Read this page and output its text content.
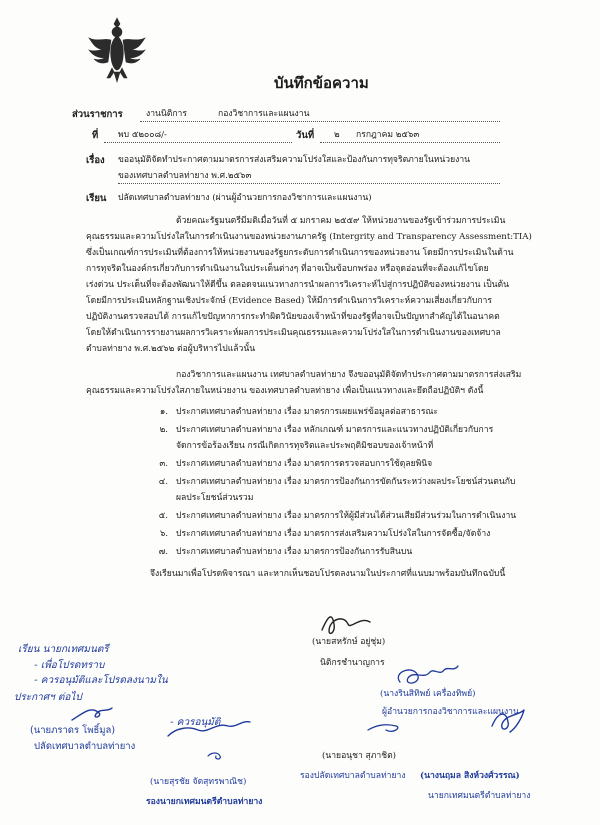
บันทึกข้อความ
ส่วนราชการ	งานนิติการ	กองวิชาการและแผนงาน
ที่ พบ ๕๒๐๐๘/-	วันที่ ๒ กรกฎาคม ๒๕๖๓
เรื่อง ขออนุมัติจัดทำประกาศตามมาตรการส่งเสริมความโปร่งใสและป้องกันการทุจริตภายในหน่วยงาน
ของเทศบาลตำบลท่ายาง พ.ศ.๒๕๖๓
เรียน ปลัดเทศบาลตำบลท่ายาง (ผ่านผู้อำนวยการกองวิชาการและแผนงาน)
ด้วยคณะรัฐมนตรีมีมติเมื่อวันที่ ๕ มกราคม ๒๕๕๙ ให้หน่วยงานของรัฐเข้าร่วมการประเมิน
คุณธรรมและความโปร่งใสในการดำเนินงานของหน่วยงานภาครัฐ (Intergrity and Transparency Assessment:TIA)
ซึ่งเป็นเกณฑ์การประเมินที่ต้องการให้หน่วยงานของรัฐยกระดับการดำเนินการของหน่วยงาน โดยมีการประเมินในด้าน
การทุจริตในองค์กรเกี่ยวกับการดำเนินงานในประเด็นต่างๆ ที่อาจเป็นข้อบกพร่อง หรือจุดอ่อนที่จะต้องแก้ไขโดย
เร่งด่วน ประเด็นที่จะต้องพัฒนาให้ดีขึ้น ตลอดจนแนวทางการนำผลการวิเคราะห์ไปสู่การปฏิบัติของหน่วยงาน เป็นต้น
โดยมีการประเมินหลักฐานเชิงประจักษ์ (Evidence Based) ให้มีการดำเนินการวิเคราะห์ความเสี่ยงเกี่ยวกับการ
ปฏิบัติงานตรวจสอบได้ การแก้ไขปัญหาการกระทำผิดวินัยของเจ้าหน้าที่ของรัฐที่อาจเป็นปัญหาสำคัญได้ในอนาคต
โดยให้ดำเนินการรายงานผลการวิเคราะห์ผลการประเมินคุณธรรมและความโปร่งใสในการดำเนินงานของเทศบาล
ตำบลท่ายาง พ.ศ.๒๕๖๒ ต่อผู้บริหารไปแล้วนั้น
กองวิชาการและแผนงาน เทศบาลตำบลท่ายาง จึงขออนุมัติจัดทำประกาศตามมาตรการส่งเสริม
คุณธรรมและความโปร่งใสภายในหน่วยงาน ของเทศบาลตำบลท่ายาง เพื่อเป็นแนวทางและยึดถือปฏิบัติฯ ดังนี้
๑. ประกาศเทศบาลตำบลท่ายาง เรื่อง มาตรการเผยแพร่ข้อมูลต่อสาธารณะ
๒. ประกาศเทศบาลตำบลท่ายาง เรื่อง หลักเกณฑ์ มาตรการและแนวทางปฏิบัติเกี่ยวกับการ
จัดการข้อร้องเรียน กรณีเกิดการทุจริตและประพฤติมิชอบของเจ้าหน้าที่
๓. ประกาศเทศบาลตำบลท่ายาง เรื่อง มาตรการตรวจสอบการใช้ดุลยพินิจ
๔. ประกาศเทศบาลตำบลท่ายาง เรื่อง มาตรการป้องกันการขัดกันระหว่างผลประโยชน์ส่วนตนกับ
ผลประโยชน์ส่วนรวม
๕. ประกาศเทศบาลตำบลท่ายาง เรื่อง มาตรการให้ผู้มีส่วนได้ส่วนเสียมีส่วนร่วมในการดำเนินงาน
๖. ประกาศเทศบาลตำบลท่ายาง เรื่อง มาตรการส่งเสริมความโปร่งใสในการจัดซื้อ/จัดจ้าง
๗. ประกาศเทศบาลตำบลท่ายาง เรื่อง มาตรการป้องกันการรับสินบน
จึงเรียนมาเพื่อโปรดพิจารณา และหากเห็นชอบโปรดลงนามในประกาศที่แนบมาพร้อมบันทึกฉบับนี้
(นายสหรักษ์ อยู่ชุ่ม)
นิติกรชำนาญการ
(นางรินสิทิพย์ เครื่องทิพย์)
ผู้อำนวยการกองวิชาการและแผนงาน
(นายอนุชา สุภาชิต)
รองปลัดเทศบาลตำบลท่ายาง (นางนฤมล สิงห์วงศ์วรรณ)
นายกเทศมนตรีตำบลท่ายาง
เรียน นายกเทศมนตรี
- เพื่อโปรดทราบ
- ควรอนุมัติและโปรดลงนามใน
ประกาศฯ ต่อไป
(นายภราดร โพธิ์มูล)
ปลัดเทศบาลตำบลท่ายาง
- ควรอนุมัติ
(นายสุรชัย จัดสุทรพาณิช)
รองนายกเทศมนตรีตำบลท่ายาง
